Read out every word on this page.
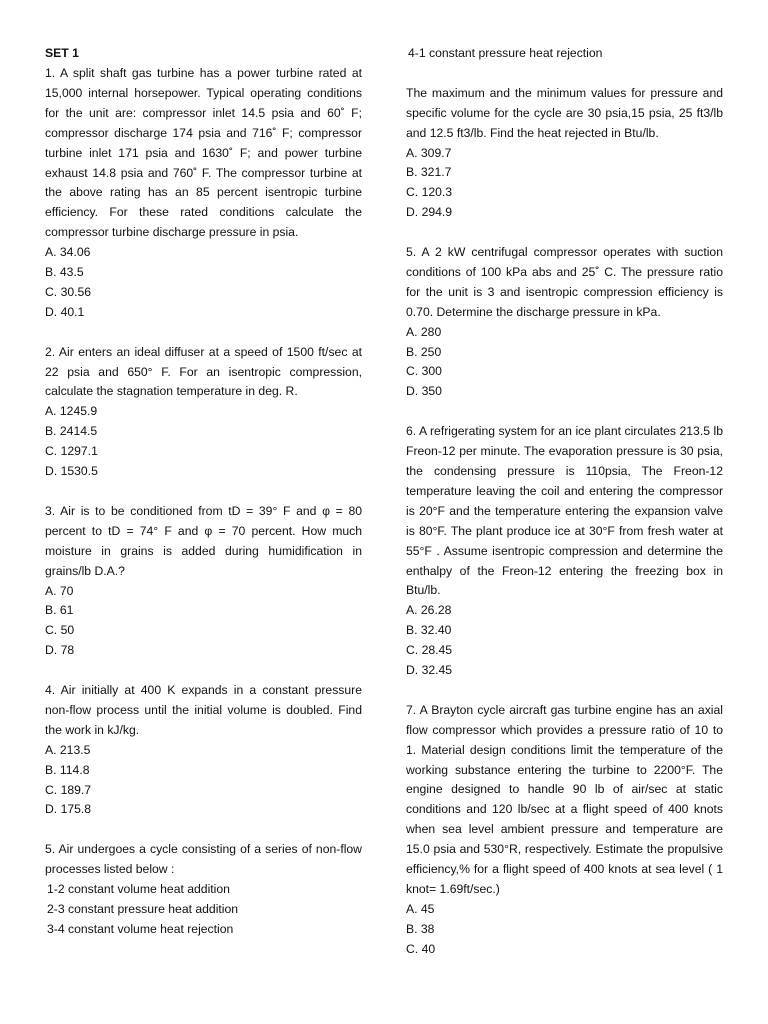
SET 1

1. A split shaft gas turbine has a power turbine rated at 15,000 internal horsepower. Typical operating conditions for the unit are: compressor inlet 14.5 psia and 60˚ F; compressor discharge 174 psia and 716˚ F; compressor turbine inlet 171 psia and 1630˚ F; and power turbine exhaust 14.8 psia and 760˚ F. The compressor turbine at the above rating has an 85 percent isentropic turbine efficiency. For these rated conditions calculate the compressor turbine discharge pressure in psia.

A. 34.06

B. 43.5

C. 30.56

D. 40.1

2. Air enters an ideal diffuser at a speed of 1500 ft/sec at 22 psia and 650° F. For an isentropic compression, calculate the stagnation temperature in deg. R.

A. 1245.9

B. 2414.5

C. 1297.1

D. 1530.5

3. Air is to be conditioned from tD = 39° F and φ = 80 percent to tD = 74° F and φ = 70 percent. How much moisture in grains is added during humidification in grains/lb D.A.?

A. 70

B. 61

C. 50

D. 78

4. Air initially at 400 K expands in a constant pressure non-flow process until the initial volume is doubled. Find the work in kJ/kg.

A. 213.5

B. 114.8

C. 189.7

D. 175.8

5. Air undergoes a cycle consisting of a series of non-flow processes listed below :

1-2 constant volume heat addition

2-3 constant pressure heat addition

3-4 constant volume heat rejection

4-1 constant pressure heat rejection

The maximum and the minimum values for pressure and specific volume for the cycle are 30 psia,15 psia, 25 ft3/lb and 12.5 ft3/lb. Find the heat rejected in Btu/lb.

A. 309.7

B. 321.7

C. 120.3

D. 294.9

5. A 2 kW centrifugal compressor operates with suction conditions of 100 kPa abs and 25˚ C. The pressure ratio for the unit is 3 and isentropic compression efficiency is 0.70. Determine the discharge pressure in kPa.

A. 280

B. 250

C. 300

D. 350

6. A refrigerating system for an ice plant circulates 213.5 lb Freon-12 per minute. The evaporation pressure is 30 psia, the condensing pressure is 110psia, The Freon-12 temperature leaving the coil and entering the compressor is 20°F and the temperature entering the expansion valve is 80°F. The plant produce ice at 30°F from fresh water at 55°F . Assume isentropic compression and determine the enthalpy of the Freon-12 entering the freezing box in Btu/lb.

A. 26.28

B. 32.40

C. 28.45

D. 32.45

7. A Brayton cycle aircraft gas turbine engine has an axial flow compressor which provides a pressure ratio of 10 to 1. Material design conditions limit the temperature of the working substance entering the turbine to 2200°F. The engine designed to handle 90 lb of air/sec at static conditions and 120 lb/sec at a flight speed of 400 knots when sea level ambient pressure and temperature are 15.0 psia and 530°R, respectively. Estimate the propulsive efficiency,% for a flight speed of 400 knots at sea level ( 1 knot= 1.69ft/sec.)

A. 45

B. 38

C. 40
